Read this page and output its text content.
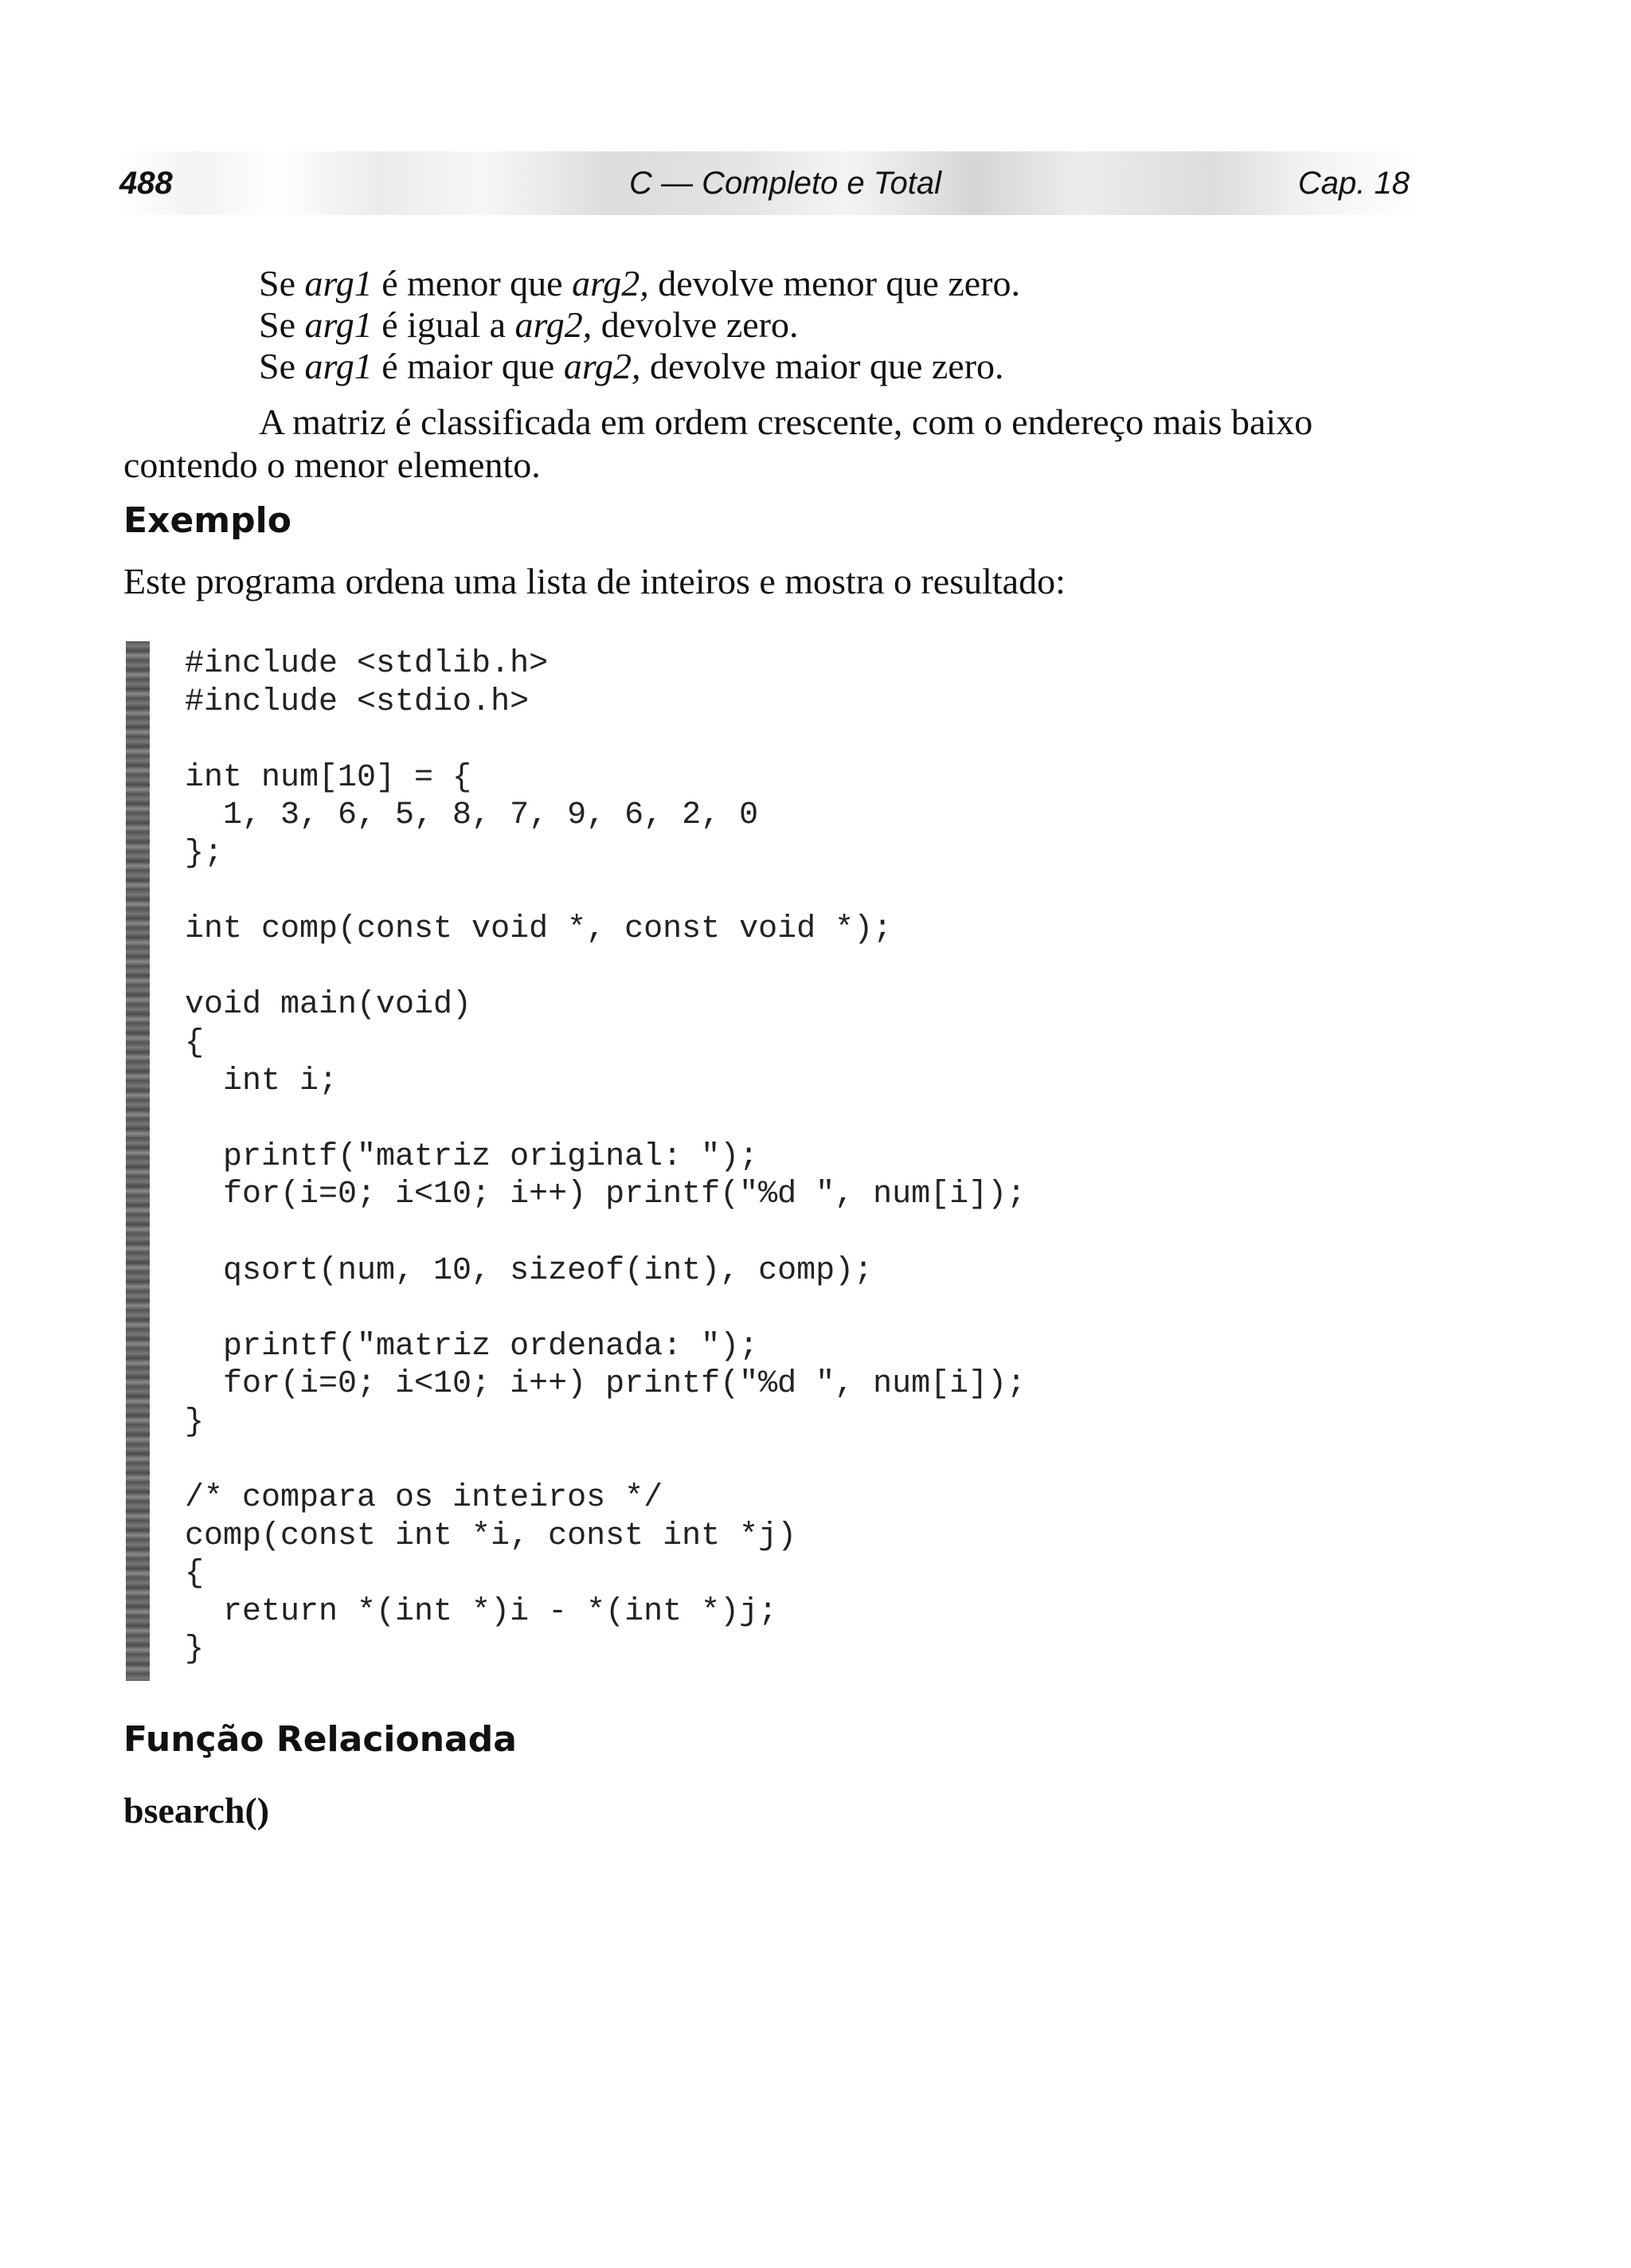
488	C — Completo e Total	Cap. 18
Se arg1 é menor que arg2, devolve menor que zero.
Se arg1 é igual a arg2, devolve zero.
Se arg1 é maior que arg2, devolve maior que zero.
A matriz é classificada em ordem crescente, com o endereço mais baixo
contendo o menor elemento.
Exemplo
Este programa ordena uma lista de inteiros e mostra o resultado:
#include <stdlib.h>
#include <stdio.h>
int num[10] = {
1, 3, 6, 5, 8, 7, 9, 6, 2, 0
};
int comp(const void *, const void *);
void main(void)
{
int i;
printf("matriz original: ");
for(i=0; i<10; i++) printf("%d ", num[i]);
qsort(num, 10, sizeof(int), comp);
printf("matriz ordenada: ");
for(i=0; i<10; i++) printf("%d ", num[i]);
}
/* compara os inteiros */
comp(const int *i, const int *j)
{
return *(int *)i - *(int *)j;
}
Função Relacionada
bsearch()
